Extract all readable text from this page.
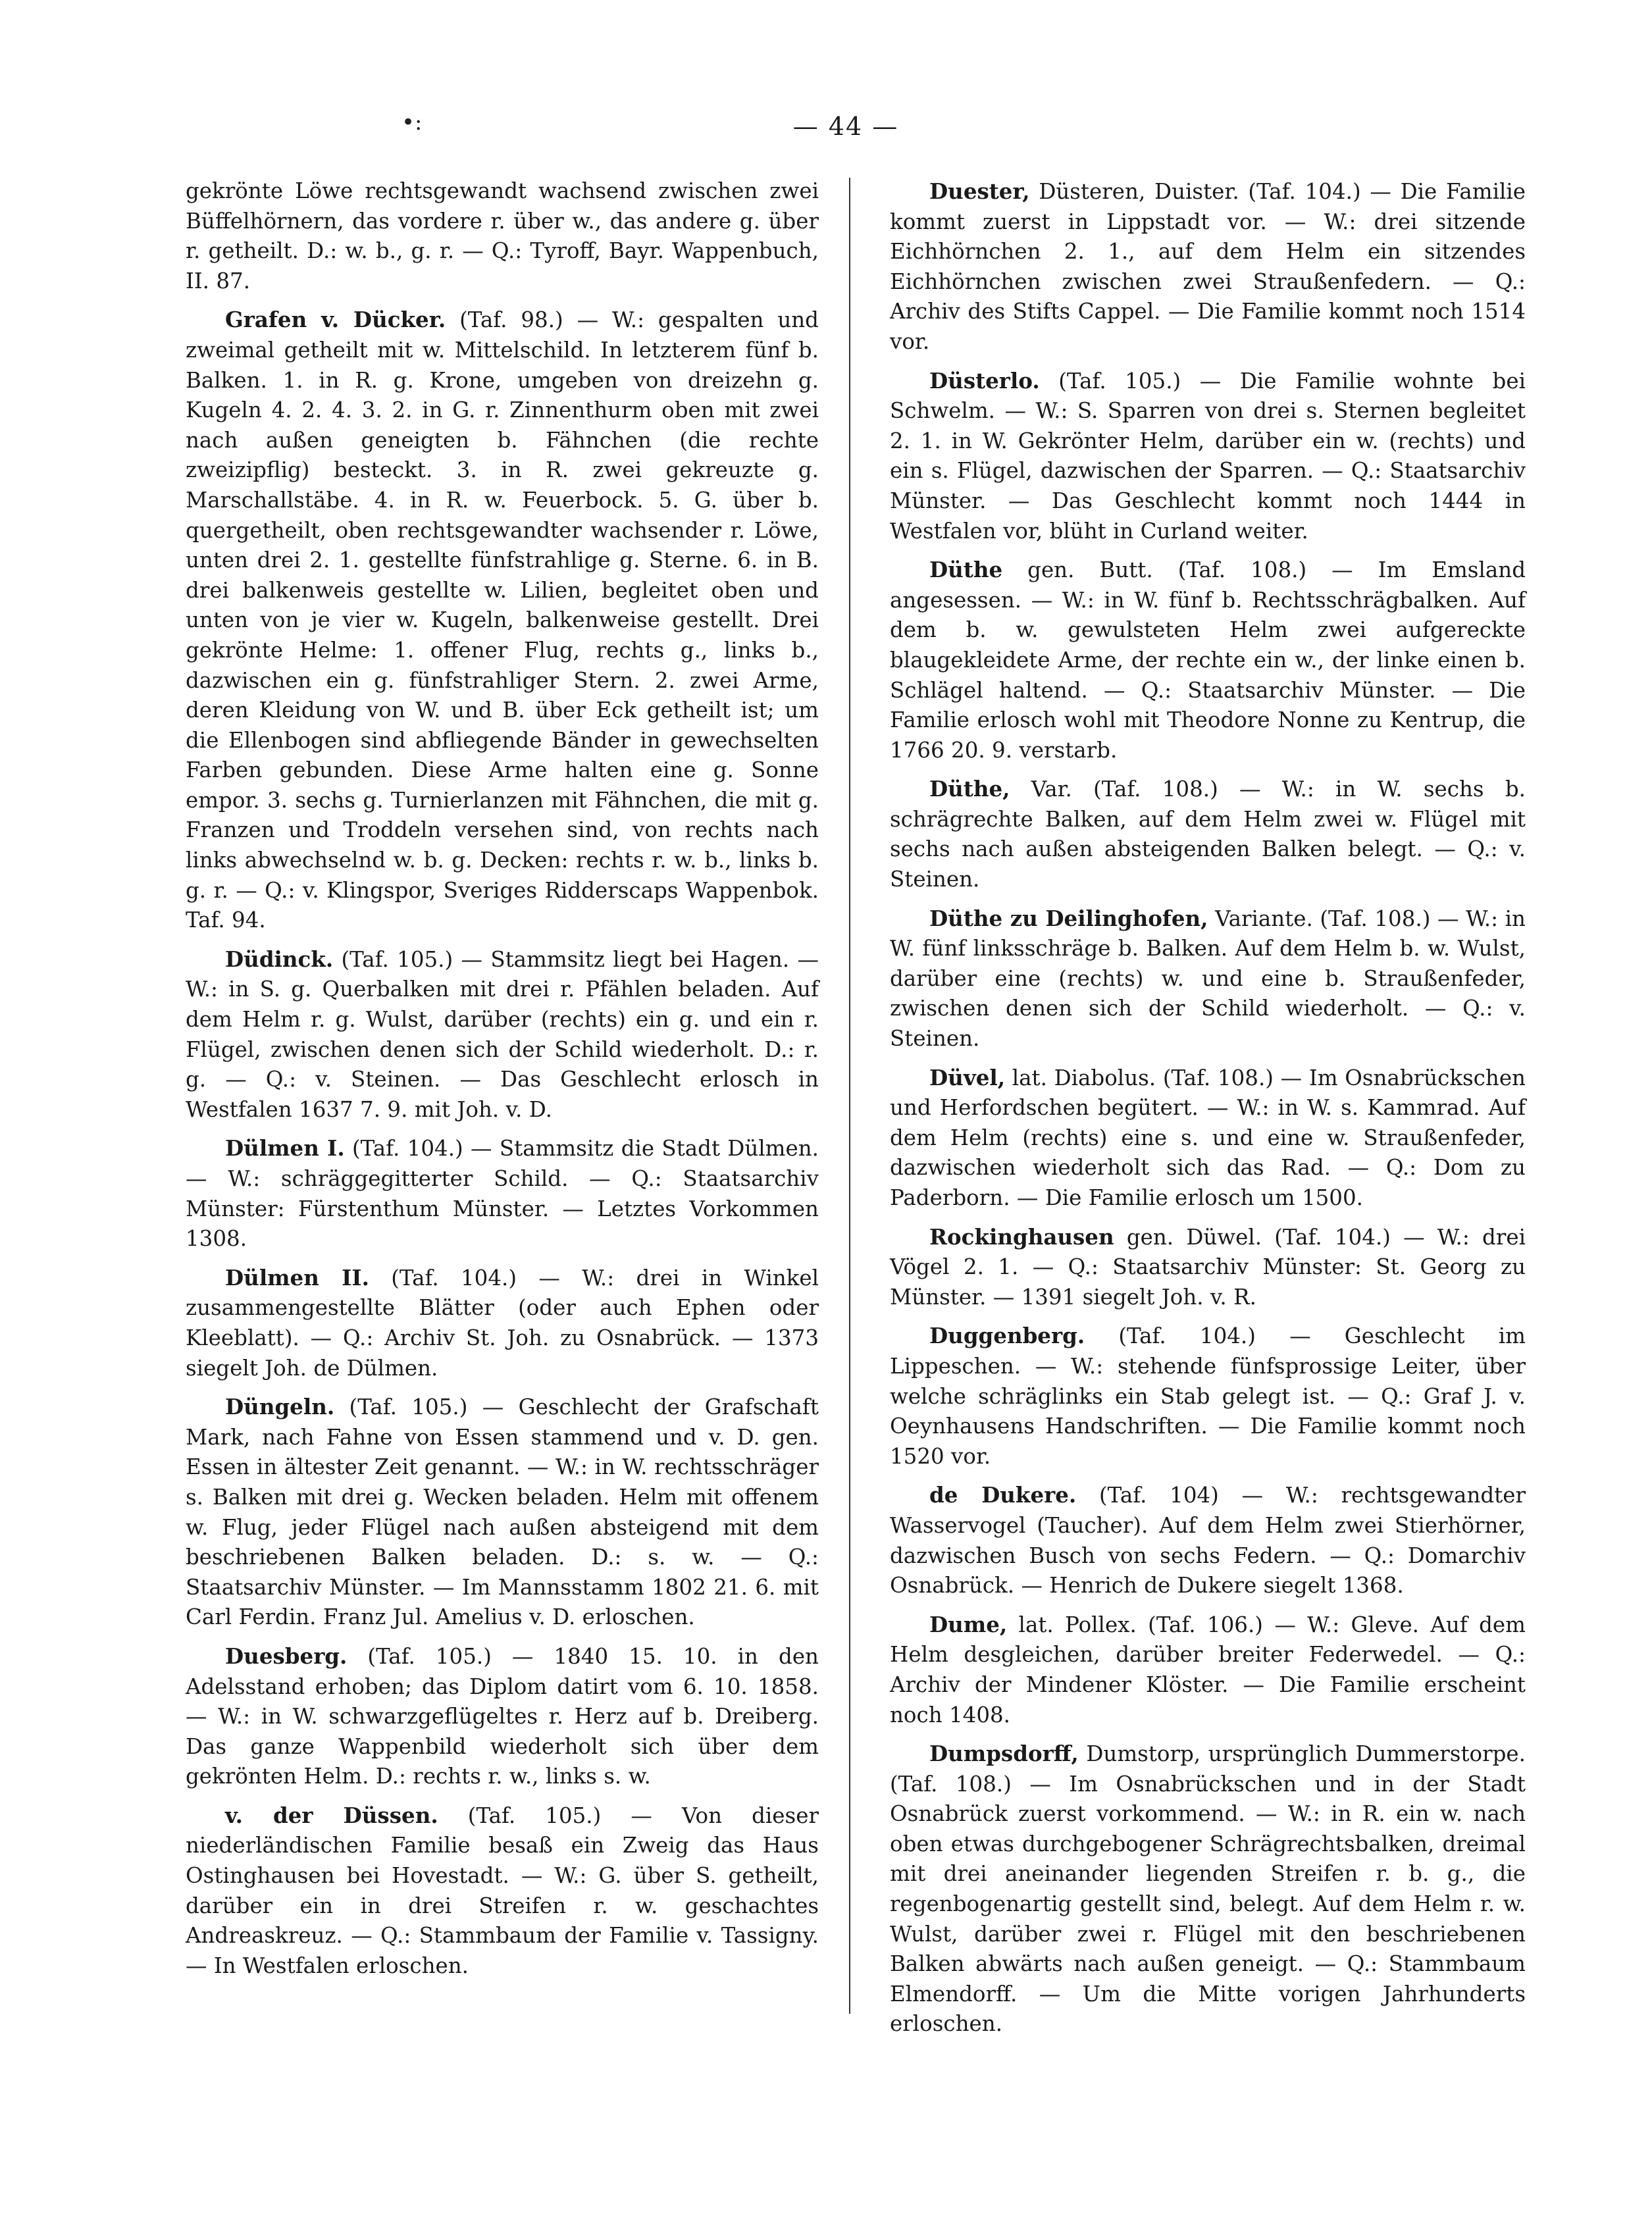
•:	— 44 —

gekrönte Löwe rechtsgewandt wachsend zwischen zwei Büffelhörnern, das vordere r. über w., das andere g. über r. getheilt. D.: w. b., g. r. — Q.: Tyroff, Bayr. Wappenbuch, II. 87.

Grafen v. Dücker. (Taf. 98.) — W.: gespalten und zweimal getheilt mit w. Mittelschild. In letzterem fünf b. Balken. 1. in R. g. Krone, umgeben von dreizehn g. Kugeln 4. 2. 4. 3. 2. in G. r. Zinnenthurm oben mit zwei nach außen geneigten b. Fähnchen (die rechte zweizipflig) besteckt. 3. in R. zwei gekreuzte g. Marschallstäbe. 4. in R. w. Feuerbock. 5. G. über b. quergetheilt, oben rechtsgewandter wachsender r. Löwe, unten drei 2. 1. gestellte fünfstrahlige g. Sterne. 6. in B. drei balkenweis gestellte w. Lilien, begleitet oben und unten von je vier w. Kugeln, balkenweise gestellt. Drei gekrönte Helme: 1. offener Flug, rechts g., links b., dazwischen ein g. fünfstrahliger Stern. 2. zwei Arme, deren Kleidung von W. und B. über Eck getheilt ist; um die Ellenbogen sind abfliegende Bänder in gewechselten Farben gebunden. Diese Arme halten eine g. Sonne empor. 3. sechs g. Turnierlanzen mit Fähnchen, die mit g. Franzen und Troddeln versehen sind, von rechts nach links abwechselnd w. b. g. Decken: rechts r. w. b., links b. g. r. — Q.: v. Klingspor, Sveriges Ridderscaps Wappenbok. Taf. 94.

Düdinck. (Taf. 105.) — Stammsitz liegt bei Hagen. — W.: in S. g. Querbalken mit drei r. Pfählen beladen. Auf dem Helm r. g. Wulst, darüber (rechts) ein g. und ein r. Flügel, zwischen denen sich der Schild wiederholt. D.: r. g. — Q.: v. Steinen. — Das Geschlecht erlosch in Westfalen 1637 7. 9. mit Joh. v. D.

Dülmen I. (Taf. 104.) — Stammsitz die Stadt Dülmen. — W.: schräggegitterter Schild. — Q.: Staatsarchiv Münster: Fürstenthum Münster. — Letztes Vorkommen 1308.

Dülmen II. (Taf. 104.) — W.: drei in Winkel zusammengestellte Blätter (oder auch Ephen oder Kleeblatt). — Q.: Archiv St. Joh. zu Osnabrück. — 1373 siegelt Joh. de Dülmen.

Düngeln. (Taf. 105.) — Geschlecht der Grafschaft Mark, nach Fahne von Essen stammend und v. D. gen. Essen in ältester Zeit genannt. — W.: in W. rechtsschräger s. Balken mit drei g. Wecken beladen. Helm mit offenem w. Flug, jeder Flügel nach außen absteigend mit dem beschriebenen Balken beladen. D.: s. w. — Q.: Staatsarchiv Münster. — Im Mannsstamm 1802 21. 6. mit Carl Ferdin. Franz Jul. Amelius v. D. erloschen.

Duesberg. (Taf. 105.) — 1840 15. 10. in den Adelsstand erhoben; das Diplom datirt vom 6. 10. 1858. — W.: in W. schwarzgeflügeltes r. Herz auf b. Dreiberg. Das ganze Wappenbild wiederholt sich über dem gekrönten Helm. D.: rechts r. w., links s. w.

v. der Düssen. (Taf. 105.) — Von dieser niederländischen Familie besaß ein Zweig das Haus Ostinghausen bei Hovestadt. — W.: G. über S. getheilt, darüber ein in drei Streifen r. w. geschachtes Andreaskreuz. — Q.: Stammbaum der Familie v. Tassigny. — In Westfalen erloschen.

Duester, Düsteren, Duister. (Taf. 104.) — Die Familie kommt zuerst in Lippstadt vor. — W.: drei sitzende Eichhörnchen 2. 1., auf dem Helm ein sitzendes Eichhörnchen zwischen zwei Straußenfedern. — Q.: Archiv des Stifts Cappel. — Die Familie kommt noch 1514 vor.

Düsterlo. (Taf. 105.) — Die Familie wohnte bei Schwelm. — W.: S. Sparren von drei s. Sternen begleitet 2. 1. in W. Gekrönter Helm, darüber ein w. (rechts) und ein s. Flügel, dazwischen der Sparren. — Q.: Staatsarchiv Münster. — Das Geschlecht kommt noch 1444 in Westfalen vor, blüht in Curland weiter.

Düthe gen. Butt. (Taf. 108.) — Im Emsland angesessen. — W.: in W. fünf b. Rechtsschrägbalken. Auf dem b. w. gewulsteten Helm zwei aufgereckte blaugekleidete Arme, der rechte ein w., der linke einen b. Schlägel haltend. — Q.: Staatsarchiv Münster. — Die Familie erlosch wohl mit Theodore Nonne zu Kentrup, die 1766 20. 9. verstarb.

Düthe, Var. (Taf. 108.) — W.: in W. sechs b. schrägrechte Balken, auf dem Helm zwei w. Flügel mit sechs nach außen absteigenden Balken belegt. — Q.: v. Steinen.

Düthe zu Deilinghofen, Variante. (Taf. 108.) — W.: in W. fünf linksschräge b. Balken. Auf dem Helm b. w. Wulst, darüber eine (rechts) w. und eine b. Straußenfeder, zwischen denen sich der Schild wiederholt. — Q.: v. Steinen.

Düvel, lat. Diabolus. (Taf. 108.) — Im Osnabrückschen und Herfordschen begütert. — W.: in W. s. Kammrad. Auf dem Helm (rechts) eine s. und eine w. Straußenfeder, dazwischen wiederholt sich das Rad. — Q.: Dom zu Paderborn. — Die Familie erlosch um 1500.

Rockinghausen gen. Düwel. (Taf. 104.) — W.: drei Vögel 2. 1. — Q.: Staatsarchiv Münster: St. Georg zu Münster. — 1391 siegelt Joh. v. R.

Duggenberg. (Taf. 104.) — Geschlecht im Lippeschen. — W.: stehende fünfsprossige Leiter, über welche schräglinks ein Stab gelegt ist. — Q.: Graf J. v. Oeynhausens Handschriften. — Die Familie kommt noch 1520 vor.

de Dukere. (Taf. 104) — W.: rechtsgewandter Wasservogel (Taucher). Auf dem Helm zwei Stierhörner, dazwischen Busch von sechs Federn. — Q.: Domarchiv Osnabrück. — Henrich de Dukere siegelt 1368.

Dume, lat. Pollex. (Taf. 106.) — W.: Gleve. Auf dem Helm desgleichen, darüber breiter Federwedel. — Q.: Archiv der Mindener Klöster. — Die Familie erscheint noch 1408.

Dumpsdorff, Dumstorp, ursprünglich Dummerstorpe. (Taf. 108.) — Im Osnabrückschen und in der Stadt Osnabrück zuerst vorkommend. — W.: in R. ein w. nach oben etwas durchgebogener Schrägrechtsbalken, dreimal mit drei aneinander liegenden Streifen r. b. g., die regenbogenartig gestellt sind, belegt. Auf dem Helm r. w. Wulst, darüber zwei r. Flügel mit den beschriebenen Balken abwärts nach außen geneigt. — Q.: Stammbaum Elmendorff. — Um die Mitte vorigen Jahrhunderts erloschen.
